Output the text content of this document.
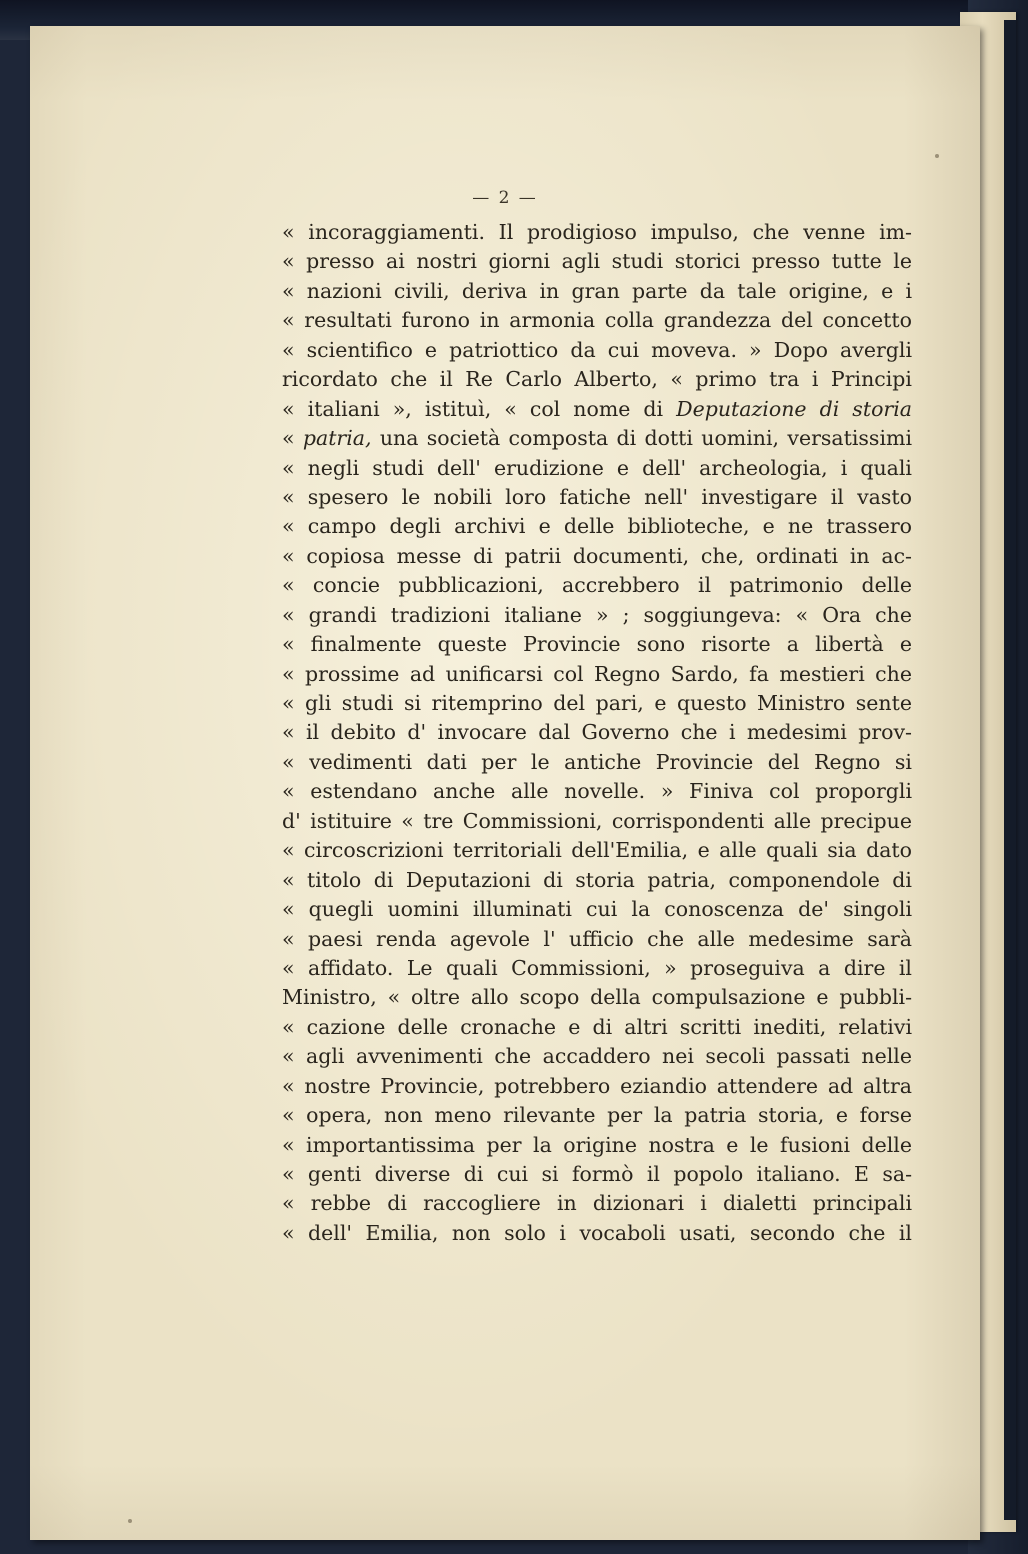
— 2 —
« incoraggiamenti. Il prodigioso impulso, che venne im-
« presso ai nostri giorni agli studi storici presso tutte le
« nazioni civili, deriva in gran parte da tale origine, e i
« resultati furono in armonia colla grandezza del concetto
« scientifico e patriottico da cui moveva. » Dopo avergli
ricordato che il Re Carlo Alberto, « primo tra i Principi
« italiani », istituì, « col nome di Deputazione di storia
« patria, una società composta di dotti uomini, versatissimi
« negli studi dell' erudizione e dell' archeologia, i quali
« spesero le nobili loro fatiche nell' investigare il vasto
« campo degli archivi e delle biblioteche, e ne trassero
« copiosa messe di patrii documenti, che, ordinati in ac-
« concie pubblicazioni, accrebbero il patrimonio delle
« grandi tradizioni italiane » ; soggiungeva: « Ora che
« finalmente queste Provincie sono risorte a libertà e
« prossime ad unificarsi col Regno Sardo, fa mestieri che
« gli studi si ritemprino del pari, e questo Ministro sente
« il debito d' invocare dal Governo che i medesimi prov-
« vedimenti dati per le antiche Provincie del Regno si
« estendano anche alle novelle. » Finiva col proporgli
d' istituire « tre Commissioni, corrispondenti alle precipue
« circoscrizioni territoriali dell'Emilia, e alle quali sia dato
« titolo di Deputazioni di storia patria, componendole di
« quegli uomini illuminati cui la conoscenza de' singoli
« paesi renda agevole l' ufficio che alle medesime sarà
« affidato. Le quali Commissioni, » proseguiva a dire il
Ministro, « oltre allo scopo della compulsazione e pubbli-
« cazione delle cronache e di altri scritti inediti, relativi
« agli avvenimenti che accaddero nei secoli passati nelle
« nostre Provincie, potrebbero eziandio attendere ad altra
« opera, non meno rilevante per la patria storia, e forse
« importantissima per la origine nostra e le fusioni delle
« genti diverse di cui si formò il popolo italiano. E sa-
« rebbe di raccogliere in dizionari i dialetti principali
« dell' Emilia, non solo i vocaboli usati, secondo che il
